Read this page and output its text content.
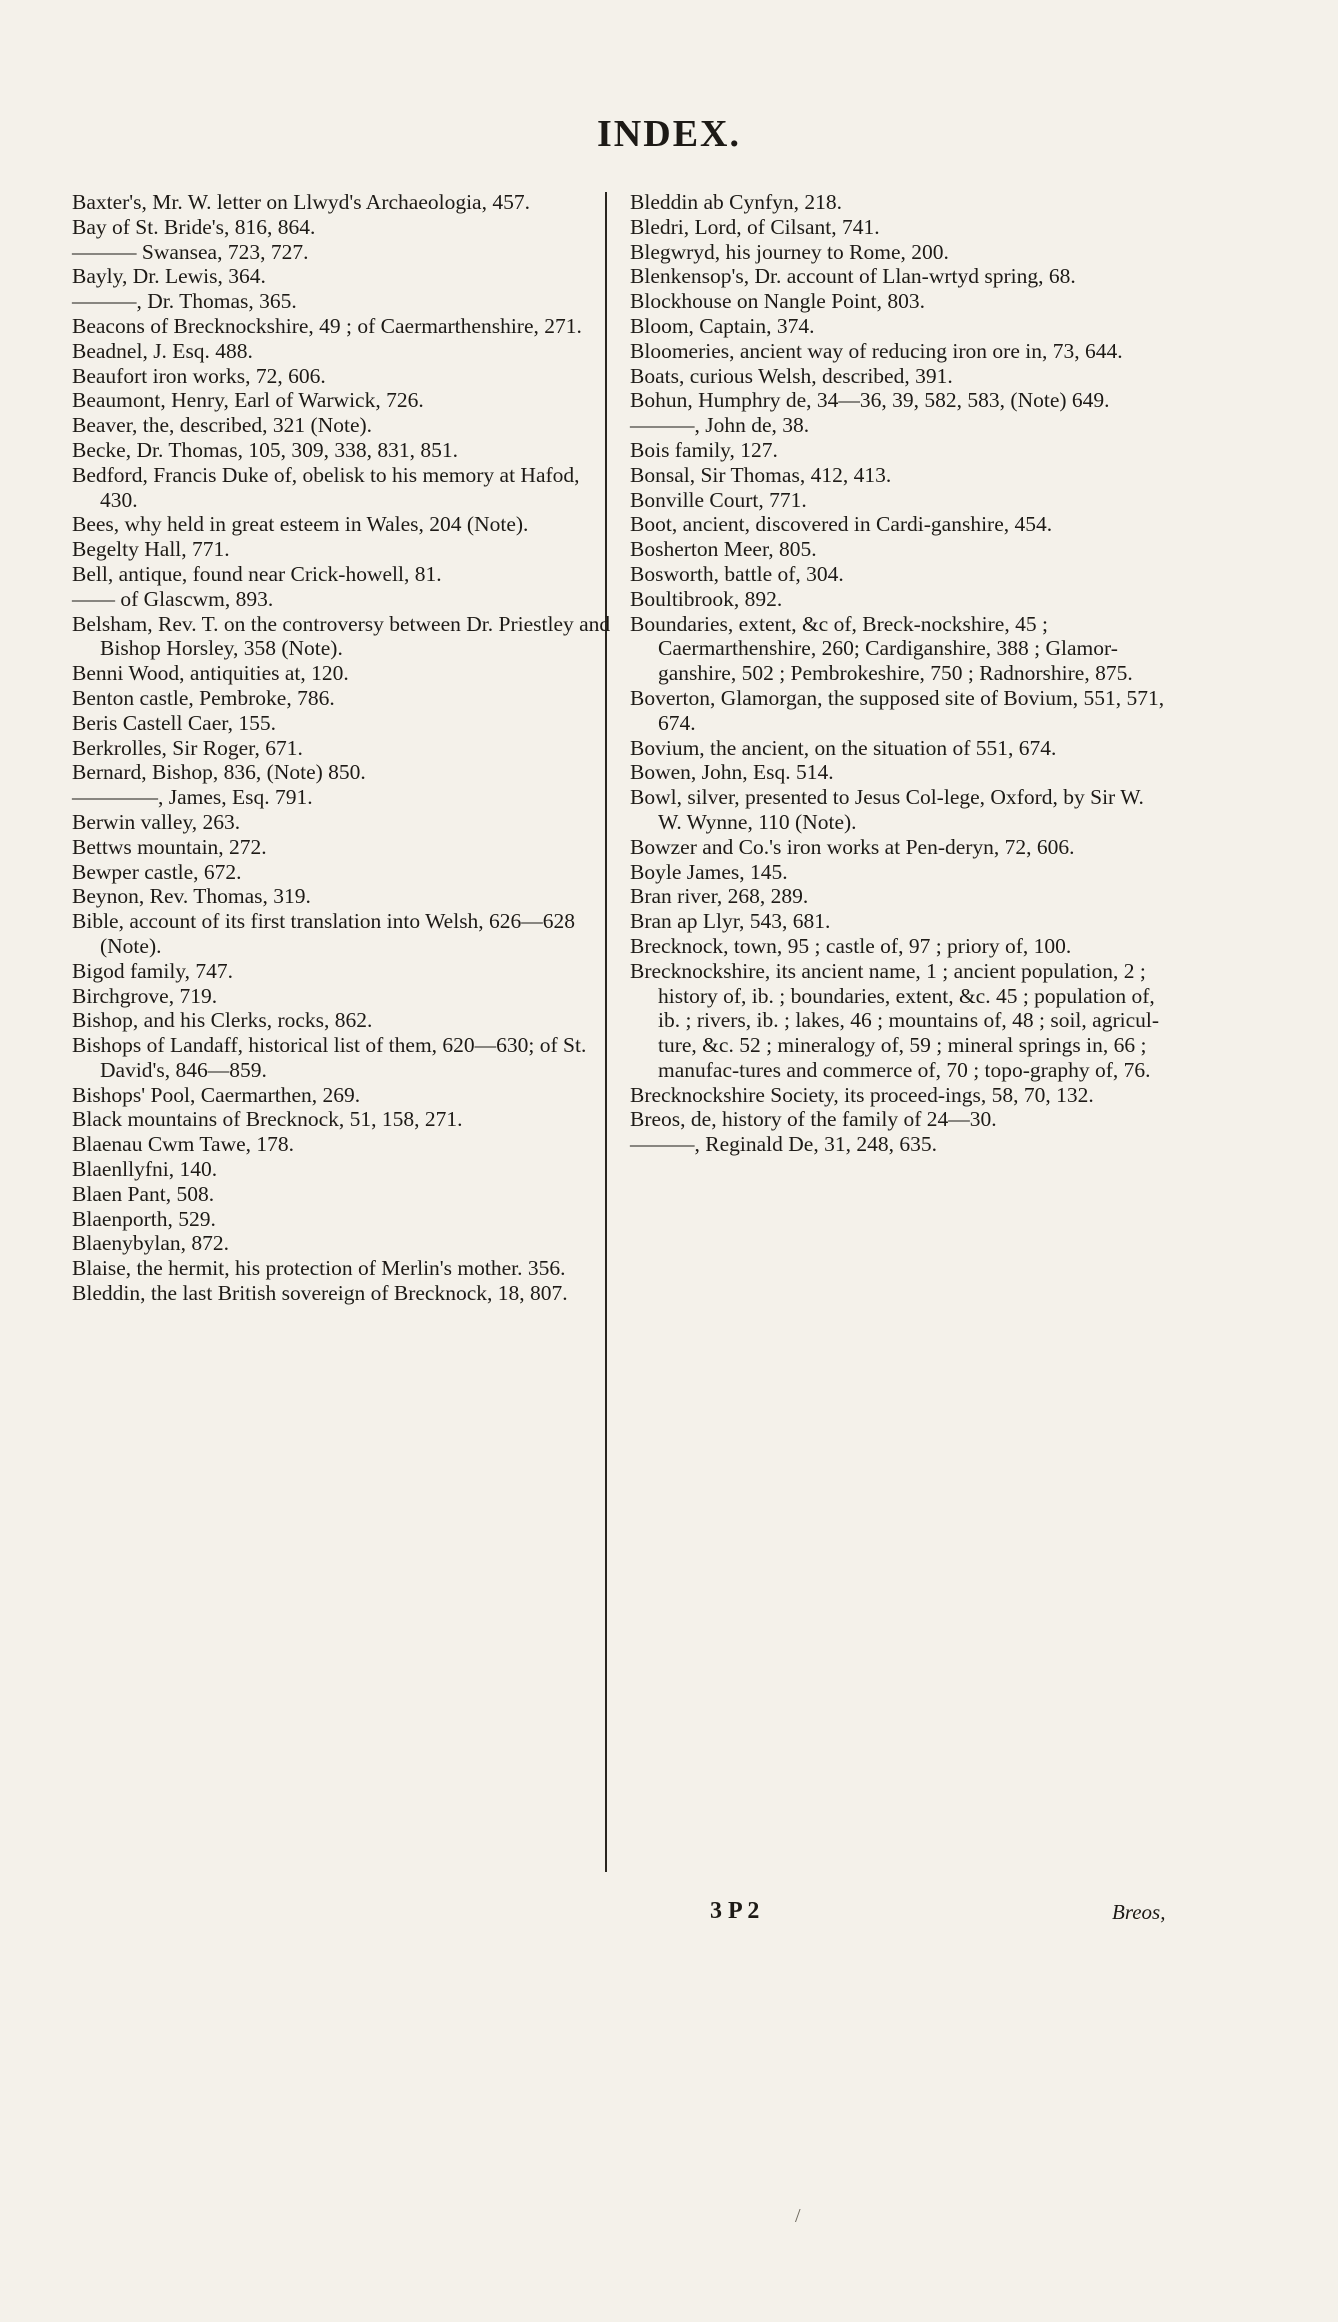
INDEX.

Baxter's, Mr. W. letter on Llwyd's Archaeologia, 457.

Bay of St. Bride's, 816, 864.

——— Swansea, 723, 727.

Bayly, Dr. Lewis, 364.

———, Dr. Thomas, 365.

Beacons of Brecknockshire, 49 ; of Caermarthenshire, 271.

Beadnel, J. Esq. 488.

Beaufort iron works, 72, 606.

Beaumont, Henry, Earl of Warwick, 726.

Beaver, the, described, 321 (Note).

Becke, Dr. Thomas, 105, 309, 338, 831, 851.

Bedford, Francis Duke of, obelisk to his memory at Hafod, 430.

Bees, why held in great esteem in Wales, 204 (Note).

Begelty Hall, 771.

Bell, antique, found near Crick-howell, 81.

—— of Glascwm, 893.

Belsham, Rev. T. on the controversy between Dr. Priestley and Bishop Horsley, 358 (Note).

Benni Wood, antiquities at, 120.

Benton castle, Pembroke, 786.

Beris Castell Caer, 155.

Berkrolles, Sir Roger, 671.

Bernard, Bishop, 836, (Note) 850.

————, James, Esq. 791.

Berwin valley, 263.

Bettws mountain, 272.

Bewper castle, 672.

Beynon, Rev. Thomas, 319.

Bible, account of its first translation into Welsh, 626—628 (Note).

Bigod family, 747.

Birchgrove, 719.

Bishop, and his Clerks, rocks, 862.

Bishops of Landaff, historical list of them, 620—630; of St. David's, 846—859.

Bishops' Pool, Caermarthen, 269.

Black mountains of Brecknock, 51, 158, 271.

Blaenau Cwm Tawe, 178.

Blaenllyfni, 140.

Blaen Pant, 508.

Blaenporth, 529.

Blaenybylan, 872.

Blaise, the hermit, his protection of Merlin's mother. 356.

Bleddin, the last British sovereign of Brecknock, 18, 807.

Bleddin ab Cynfyn, 218.

Bledri, Lord, of Cilsant, 741.

Blegwryd, his journey to Rome, 200.

Blenkensop's, Dr. account of Llan-wrtyd spring, 68.

Blockhouse on Nangle Point, 803.

Bloom, Captain, 374.

Bloomeries, ancient way of reducing iron ore in, 73, 644.

Boats, curious Welsh, described, 391.

Bohun, Humphry de, 34—36, 39, 582, 583, (Note) 649.

———, John de, 38.

Bois family, 127.

Bonsal, Sir Thomas, 412, 413.

Bonville Court, 771.

Boot, ancient, discovered in Cardi-ganshire, 454.

Bosherton Meer, 805.

Bosworth, battle of, 304.

Boultibrook, 892.

Boundaries, extent, &c of, Breck-nockshire, 45 ; Caermarthenshire, 260; Cardiganshire, 388 ; Glamor-ganshire, 502 ; Pembrokeshire, 750 ; Radnorshire, 875.

Boverton, Glamorgan, the supposed site of Bovium, 551, 571, 674.

Bovium, the ancient, on the situation of 551, 674.

Bowen, John, Esq. 514.

Bowl, silver, presented to Jesus Col-lege, Oxford, by Sir W. W. Wynne, 110 (Note).

Bowzer and Co.'s iron works at Pen-deryn, 72, 606.

Boyle James, 145.

Bran river, 268, 289.

Bran ap Llyr, 543, 681.

Brecknock, town, 95 ; castle of, 97 ; priory of, 100.

Brecknockshire, its ancient name, 1 ; ancient population, 2 ; history of, ib. ; boundaries, extent, &c. 45 ; population of, ib. ; rivers, ib. ; lakes, 46 ; mountains of, 48 ; soil, agricul-ture, &c. 52 ; mineralogy of, 59 ; mineral springs in, 66 ; manufac-tures and commerce of, 70 ; topo-graphy of, 76.

Brecknockshire Society, its proceed-ings, 58, 70, 132.

Breos, de, history of the family of 24—30.

———, Reginald De, 31, 248, 635.

3 P 2	Breos,
/
